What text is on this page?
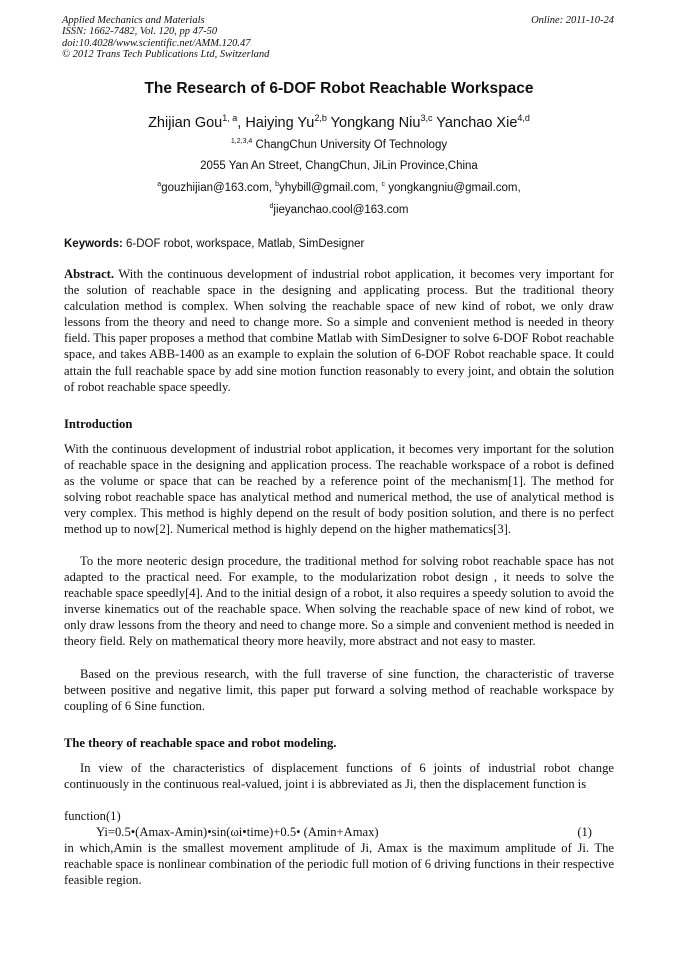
Applied Mechanics and Materials
ISSN: 1662-7482, Vol. 120, pp 47-50
doi:10.4028/www.scientific.net/AMM.120.47
© 2012 Trans Tech Publications Ltd, Switzerland
Online: 2011-10-24
The Research of 6-DOF Robot Reachable Workspace
Zhijian Gou$^{1, a}$, Haiying Yu$^{2,b}$ Yongkang Niu$^{3,c}$ Yanchao Xie$^{4,d}$
$^{1,2,3,4}$ ChangChun University Of Technology
2055 Yan An Street, ChangChun, JiLin Province,China
$^a$gouzhijian@163.com, $^b$yhybill@gmail.com, $^c$ yongkangniu@gmail.com,
$^d$jieyanchao.cool@163.com
Keywords: 6-DOF robot, workspace, Matlab, SimDesigner

Abstract. With the continuous development of industrial robot application, it becomes very important for the solution of reachable space in the designing and applicating process. But the traditional theory calculation method is complex. When solving the reachable space of new kind of robot, we only draw lessons from the theory and need to change more. So a simple and convenient method is needed in theory field. This paper proposes a method that combine Matlab with SimDesigner to solve 6-DOF Robot reachable space, and takes ABB-1400 as an example to explain the solution of 6-DOF Robot reachable space. It could attain the full reachable space by add sine motion function reasonably to every joint, and obtain the solution of robot reachable space speedly.

Introduction

With the continuous development of industrial robot application, it becomes very important for the solution of reachable space in the designing and application process. The reachable workspace of a robot is defined as the volume or space that can be reached by a reference point of the mechanism[1]. The method for solving robot reachable space has analytical method and numerical method, the use of analytical method is very complex. This method is highly depend on the result of body position solution, and there is no perfect method up to now[2]. Numerical method is highly depend on the higher mathematics[3].

To the more neoteric design procedure, the traditional method for solving robot reachable space has not adapted to the practical need. For example, to the modularization robot design , it needs to solve the reachable space speedly[4]. And to the initial design of a robot, it also requires a speedy solution to avoid the inverse kinematics out of the reachable space. When solving the reachable space of new kind of robot, we only draw lessons from the theory and need to change more. So a simple and convenient method is needed in theory field. Rely on mathematical theory more heavily, more abstract and not easy to master.

Based on the previous research, with the full traverse of sine function, the characteristic of traverse between positive and negative limit, this paper put forward a solving method of reachable workspace by coupling of 6 Sine function.

The theory of reachable space and robot modeling.

In view of the characteristics of displacement functions of 6 joints of industrial robot change continuously in the continuous real-valued, joint i is abbreviated as Ji, then the displacement function is

function(1)
Yi=0.5•(Amax-Amin)•sin(ωi•time)+0.5• (Amin+Amax)	(1)

in which,Amin is the smallest movement amplitude of Ji, Amax is the maximum amplitude of Ji. The reachable space is nonlinear combination of the periodic full motion of 6 driving functions in their respective feasible region.
